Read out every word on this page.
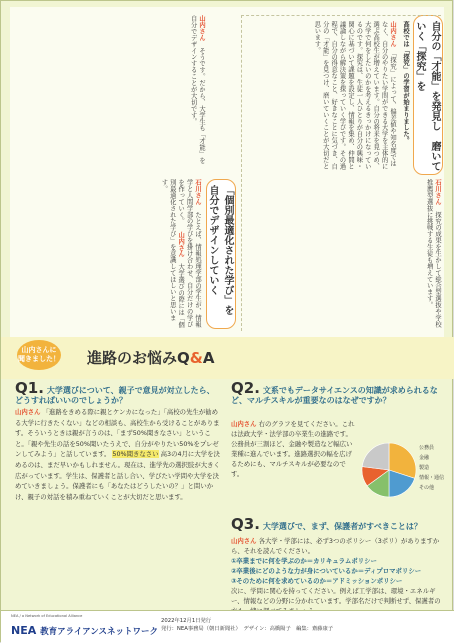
自分の「才能」を発見し　磨いていく「探究」を
高校では「探究」の学習が始まりました。
山内さん　「探究」によって、偏差値や知名度では なく、自分のやりたい学問ができる大学を主体的に選ぶ高校生が増えています。自分の将来を見つめ、大学で何をしたいのかを考えるきっかけになっているのです。探究は、生徒一人ひとりが自分の興味・関心に基づいて課題を設定し、情報を集め、仲間と議論しながら解決策を探っていく学びです。その過程で、自分の得意なこと、好きなことに気づき、自分の「才能」を見つけ、磨いていくことが大切だと思います。
石川さん　探究の成果を生かして総合型選抜や学校推薦型選抜に挑戦する生徒も増えています。
「個別最適化された学び」を　自分でデザインしていく
山内さん　そうです。だから、大学生も「才能」を自分でデザインすることが大切です。
石川さん　たとえば、情報処理学部の学生が、情報学と人間学部の学びを掛け合わせ、自分だけの学びを作っていく。 山内さん　大学選びの際には「個別最適化された学び」を意識してほしいと思います。
山内さんに　聞きました！ 進路のお悩みQ&A
Q1. 大学選びについて、親子で意見が対立したら、どうすればいいのでしょうか？
山内さん 「進路をきめる際に親とケンカになった」「高校の先生が勧める大学に行きたくない」などの相談も、高校生から受けることがあります。そういうときは親が言うのは、「まず50%聞きなさい」ということ。「親や先生の話を50%聞いたうえで、自分がやりたい50%をプレゼンしてみよう」と話しています。 50%聞きなさい 高3の4月に大学を決めるのは、まだ早いかもしれません。現在は、進学先の選択肢が大きく広がっています。学生は、保護者と話し合い、学びたい学問や大学を決めていきましょう。保護者にも「あなたはどうしたいの？」と問いかけ、親子の対話を積み重ねていくことが大切だと思います。
Q2. 文系でもデータサイエンスの知識が求められるなど、マルチスキルが重要なのはなぜですか？
山内さん 右のグラフを見てください。これは法政大学・法学部の卒業生の進路です。公務員が三割ほど、金融や製造など幅広い業種に進んでいます。進路選択の幅を広げるためにも、マルチスキルが必要なのです。
公務員
金融
製造
情報・通信
その他
Q3. 大学選びで、まず、保護者がすべきことは？
山内さん 各大学・学部には、必ず3つのポリシー（3ポリ）がありますから、それを読んでください。
①卒業までに何を学ぶのか＝カリキュラムポリシー
②卒業後にどのような力が身についているか＝ディプロマポリシー
③そのために何を求めているのか＝アドミッションポリシー
次に、学問に関心を持ってください。例えば工学部は、環境・エネルギー、情報などの分野に分かれています。学部名だけで判断せず、保護者の
NEA / a Network of Educational Alliance
NEA 教育アライアンスネットワーク
2022年12月1日発行
発行：NEA事務局（朝日新聞社）　 デザイン：高橋陽子　編集：齋藤康子
